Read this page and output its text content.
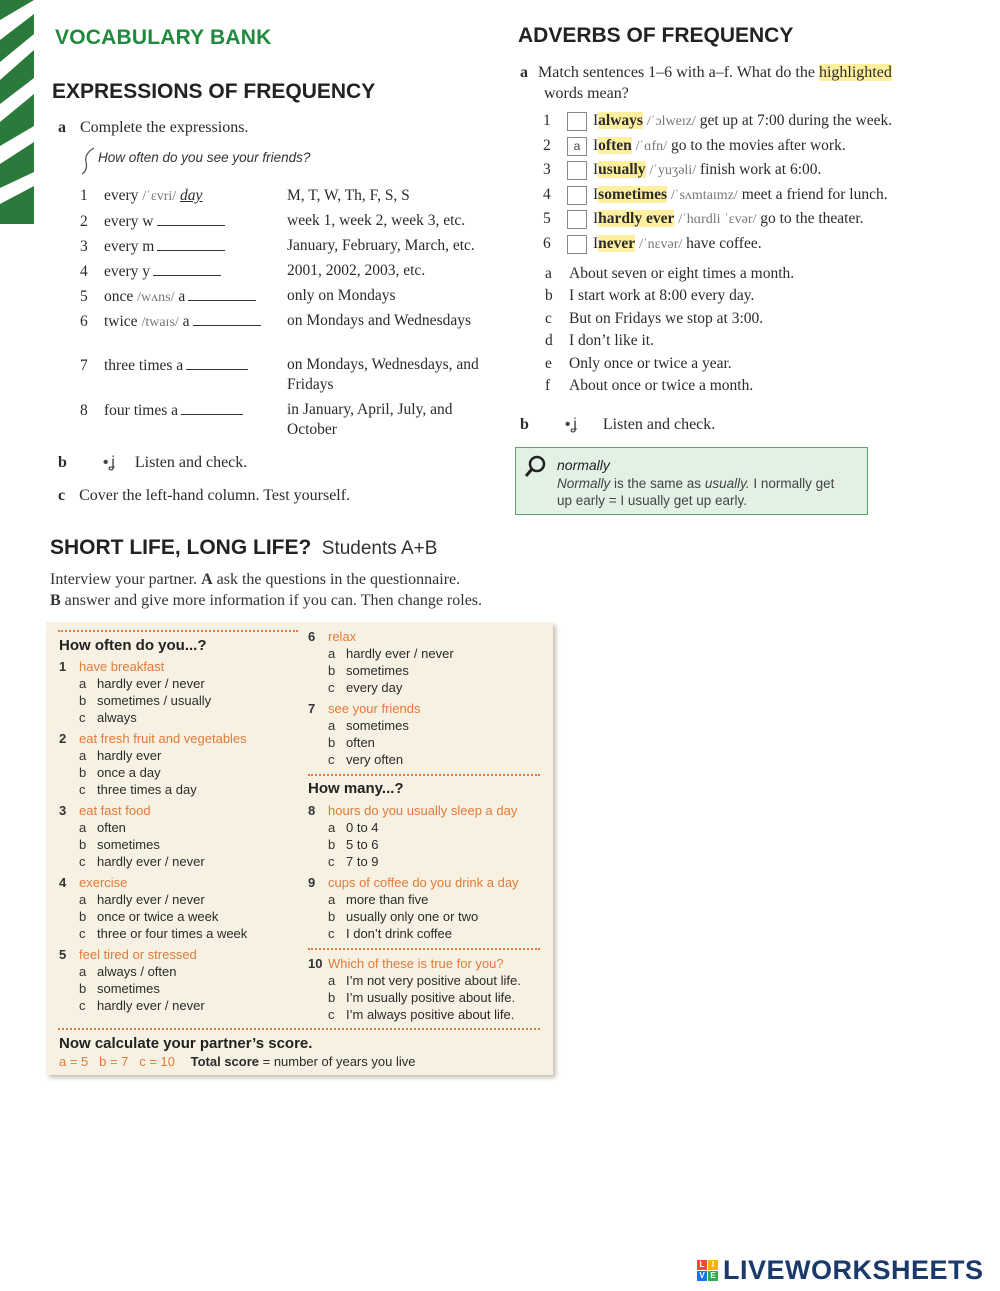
VOCABULARY BANK
EXPRESSIONS OF FREQUENCY
a Complete the expressions.
How often do you see your friends?
1 every /ˈɛvri/ day	M, T, W, Th, F, S, S
2 every w	week 1, week 2, week 3, etc.
3 every m	January, February, March, etc.
4 every y	2001, 2002, 2003, etc.
5 once /wʌns/ a	only on Mondays
6 twice /twaɪs/ a	on Mondays and Wednesdays
7 three times a	on Mondays, Wednesdays, and Fridays
8 four times a	in January, April, July, and October
b •ʝ Listen and check.
c Cover the left-hand column. Test yourself.
ADVERBS OF FREQUENCY
a Match sentences 1–6 with a–f. What do the highlighted
words mean?
1	Ialways /ˈɔlweɪz/ get up at 7:00 during the week.
2 a Ioften /ˈɑfn/ go to the movies after work.
3	Iusually /ˈyuʒəli/ finish work at 6:00.
4	Isometimes /ˈsʌmtaɪmz/ meet a friend for lunch.
5	Ihardly ever /ˈhɑrdli ˈɛvər/ go to the theater.
6	Inever /ˈnɛvər/ have coffee.
a About seven or eight times a month.
b I start work at 8:00 every day.
c But on Fridays we stop at 3:00.
d I don’t like it.
e Only once or twice a year.
f About once or twice a month.
b •ʝ Listen and check.
normally
Normally is the same as usually. I normally get
up early = I usually get up early.
SHORT LIFE, LONG LIFE? Students A+B
Interview your partner. A ask the questions in the questionnaire.
B answer and give more information if you can. Then change roles.
How often do you...?
1 have breakfast
a hardly ever / never
b sometimes / usually
c always
2 eat fresh fruit and vegetables
a hardly ever
b once a day
c three times a day
3 eat fast food
a often
b sometimes
c hardly ever / never
4 exercise
a hardly ever / never
b once or twice a week
c three or four times a week
5 feel tired or stressed
a always / often
b sometimes
c hardly ever / never
6 relax
a hardly ever / never
b sometimes
c every day
7 see your friends
a sometimes
b often
c very often
How many...?
8 hours do you usually sleep a day
a 0 to 4
b 5 to 6
c 7 to 9
9 cups of coffee do you drink a day
a more than five
b usually only one or two
c I don’t drink coffee
10 Which of these is true for you?
a I’m not very positive about life.
b I’m usually positive about life.
c I’m always positive about life.
Now calculate your partner’s score.
a = 5   b = 7   c = 10 Total score = number of years you live
L I
V E LIVEWORKSHEETS
